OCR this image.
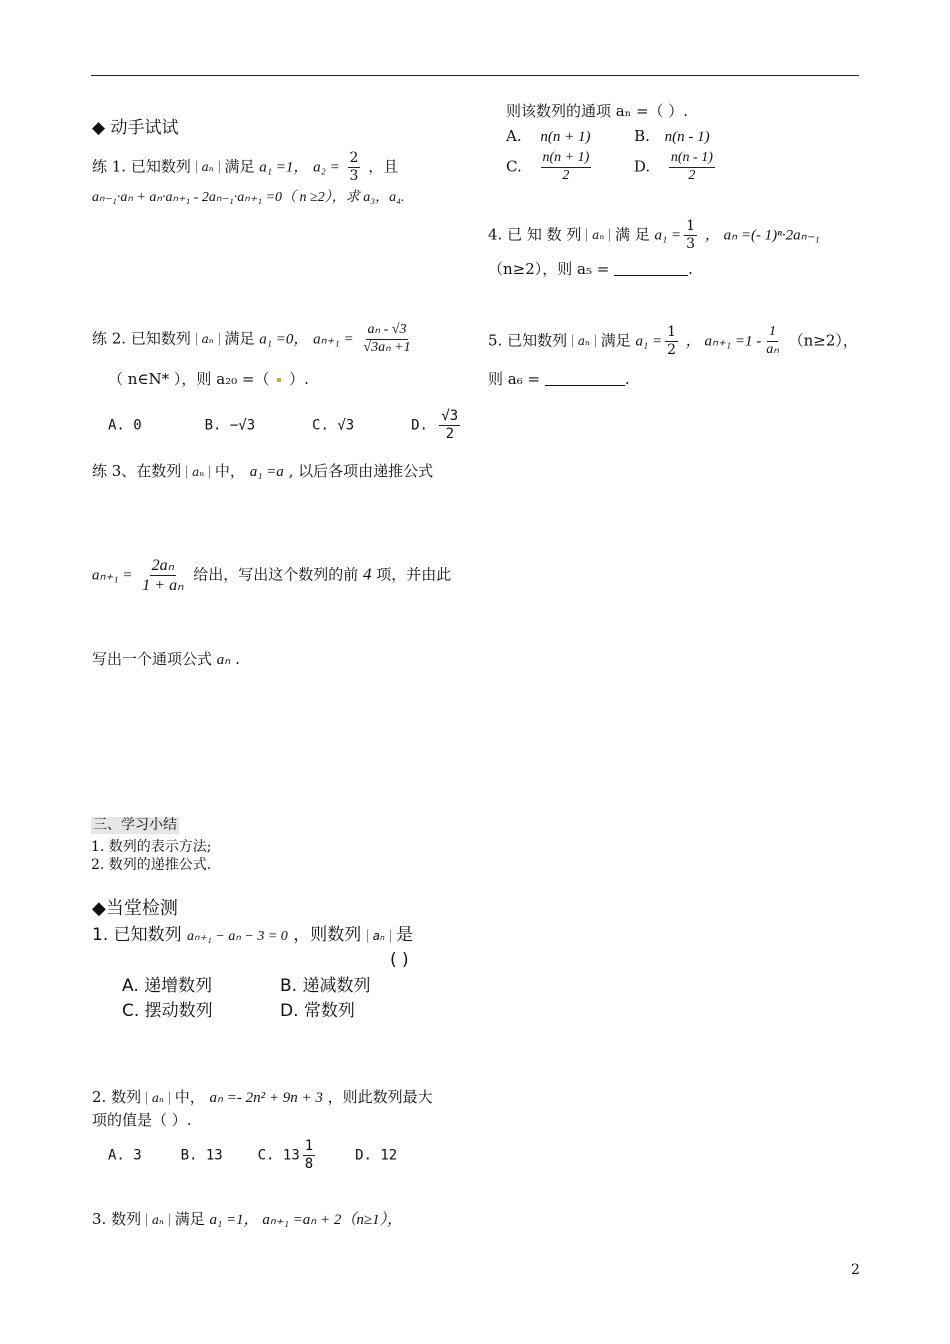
◆ 动手试试
练 1. 已知数列 aₙ 满足 a₁ =1， $a_2 = \frac{2}{3}$ ，且
aₙ₋₁·aₙ + aₙ·aₙ₊₁ - 2aₙ₋₁·aₙ₊₁ =0（ n ≥2），求 a₃，a₄.
练 2. 已知数列 aₙ 满足 a₁ =0， $a_{n+1} = \frac{\text{aₙ - √3}}{\text{√3aₙ +1}}$
（ n∈N* ），则 a₂₀ =（ ）.
A. 0	B. −√3	C. √3	D. $\frac{√3}{2}$
练 3、在数列 aₙ 中， a₁ =a , 以后各项由递推公式
$a_{n+1} = \frac{\text{2aₙ}}{\text{1 + aₙ}}$ 给出，写出这个数列的前 4 项，并由此
写出一个通项公式 aₙ .
三、学习小结
1. 数列的表示方法;
2. 数列的递推公式.
◆当堂检测
1. 已知数列 aₙ₊₁ − aₙ − 3 = 0 ，则数列 aₙ 是
( )
A. 递增数列	B. 递减数列
C. 摆动数列	D. 常数列
2. 数列 aₙ 中， aₙ =- 2n² + 9n + 3 ，则此数列最大
项的值是（ ）.
A. 3	B. 13 C. $13 \frac{1}{8}$	D. 12
3. 数列 aₙ 满足 a₁ =1， aₙ₊₁ =aₙ + 2（n≥1），
则该数列的通项 aₙ =（ ）.
A. n(n + 1)	B. n(n - 1)
C. $\frac{n(n + 1)}{2}$	D. $\frac{n(n - 1)}{2}$
4. 已 知 数 列 aₙ 满 足 $a_1 = \frac{1}{3}$ ， aₙ =(- 1)ⁿ·2aₙ₋₁
（n≥2），则 a₅ =	.
5. 已知数列 aₙ 满足 $a_1 = \frac{1}{2}$ ， $a_{n+1} =1 - \frac{1}{\text{aₙ}} (n\ge 2)$，
则 a₆ =	.
2
